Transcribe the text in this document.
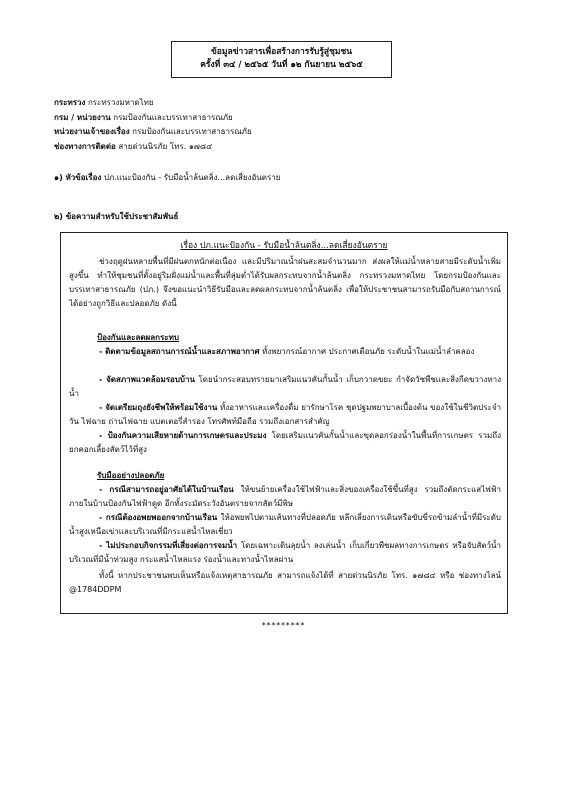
ข้อมูลข่าวสารเพื่อสร้างการรับรู้สู่ชุมชน
ครั้งที่ ๓๔ / ๒๕๖๕ วันที่ ๑๒ กันยายน ๒๕๖๕
กระทรวง กระทรวงมหาดไทย
กรม / หน่วยงาน กรมป้องกันและบรรเทาสาธารณภัย
หน่วยงานเจ้าของเรื่อง กรมป้องกันและบรรเทาสาธารณภัย
ช่องทางการติดต่อ สายด่วนนิรภัย โทร. ๑๗๘๔
๑) หัวข้อเรื่อง ปภ.แนะป้องกัน - รับมือน้ำล้นตลิ่ง...ลดเสี่ยงอันตราย
๒) ข้อความสำหรับใช้ประชาสัมพันธ์
เรื่อง ปภ.แนะป้องกัน - รับมือน้ำล้นตลิ่ง...ลดเสี่ยงอันตราย
ช่วงฤดูฝนหลายพื้นที่มีฝนตกหนักต่อเนื่อง และมีปริมาณน้ำฝนสะสมจำนวนมาก ส่งผลให้แม่น้ำหลายสายมีระดับน้ำเพิ่มสูงขึ้น ทำให้ชุมชนที่ตั้งอยู่ริมฝั่งแม่น้ำและพื้นที่ลุ่มต่ำได้รับผลกระทบจากน้ำล้นตลิ่ง กระทรวงมหาดไทย โดยกรมป้องกันและบรรเทาสาธารณภัย (ปภ.) จึงขอแนะนำวิธีรับมือและลดผลกระทบจากน้ำล้นตลิ่ง เพื่อให้ประชาชนสามารถรับมือกับสถานการณ์ได้อย่างถูกวิธีและปลอดภัย ดังนี้
ป้องกันและลดผลกระทบ
- ติดตามข้อมูลสถานการณ์น้ำและสภาพอากาศ ทั้งพยากรณ์อากาศ ประกาศเตือนภัย ระดับน้ำในแม่น้ำลำคลอง
- จัดสภาพแวดล้อมรอบบ้าน โดยนำกระสอบทรายมาเสริมแนวคันกั้นน้ำ เก็บกวาดขยะ กำจัดวัชพืชและสิ่งกีดขวางทางน้ำ
- จัดเตรียมถุงยังชีพให้พร้อมใช้งาน ทั้งอาหารและเครื่องดื่ม ยารักษาโรค ชุดปฐมพยาบาลเบื้องต้น ของใช้ในชีวิตประจำวัน ไฟฉาย ถ่านไฟฉาย แบตเตอรี่สำรอง โทรศัพท์มือถือ รวมถึงเอกสารสำคัญ
- ป้องกันความเสียหายด้านการเกษตรและประมง โดยเสริมแนวคันกั้นน้ำและขุดลอกร่องน้ำในพื้นที่การเกษตร รวมถึงยกคอกเลี้ยงสัตว์ไว้ที่สูง
รับมืออย่างปลอดภัย
- กรณีสามารถอยู่อาศัยได้ในบ้านเรือน ให้ขนย้ายเครื่องใช้ไฟฟ้าและสิ่งของเครื่องใช้ขึ้นที่สูง รวมถึงตัดกระแสไฟฟ้าภายในบ้านป้องกันไฟฟ้าดูด อีกทั้งระมัดระวังอันตรายจากสัตว์มีพิษ
- กรณีต้องอพยพออกจากบ้านเรือน ให้อพยพไปตามเส้นทางที่ปลอดภัย หลีกเลี่ยงการเดินหรือขับขี่รถข้ามลำน้ำที่มีระดับน้ำสูงเหนือเข่าและบริเวณที่มีกระแสน้ำไหลเชี่ยว
- ไม่ประกอบกิจกรรมที่เสี่ยงต่อการจมน้ำ โดยเฉพาะเดินลุยน้ำ ลงเล่นน้ำ เก็บเกี่ยวพืชผลทางการเกษตร หรือจับสัตว์น้ำบริเวณที่มีน้ำท่วมสูง กระแสน้ำไหลแรง ร่องน้ำและทางน้ำไหลผ่าน
ทั้งนี้ หากประชาชนพบเห็นหรือแจ้งเหตุสาธารณภัย สามารถแจ้งได้ที่ สายด่วนนิรภัย โทร. ๑๗๘๔ หรือ ช่องทางไลน์ @1784DDPM
*********
